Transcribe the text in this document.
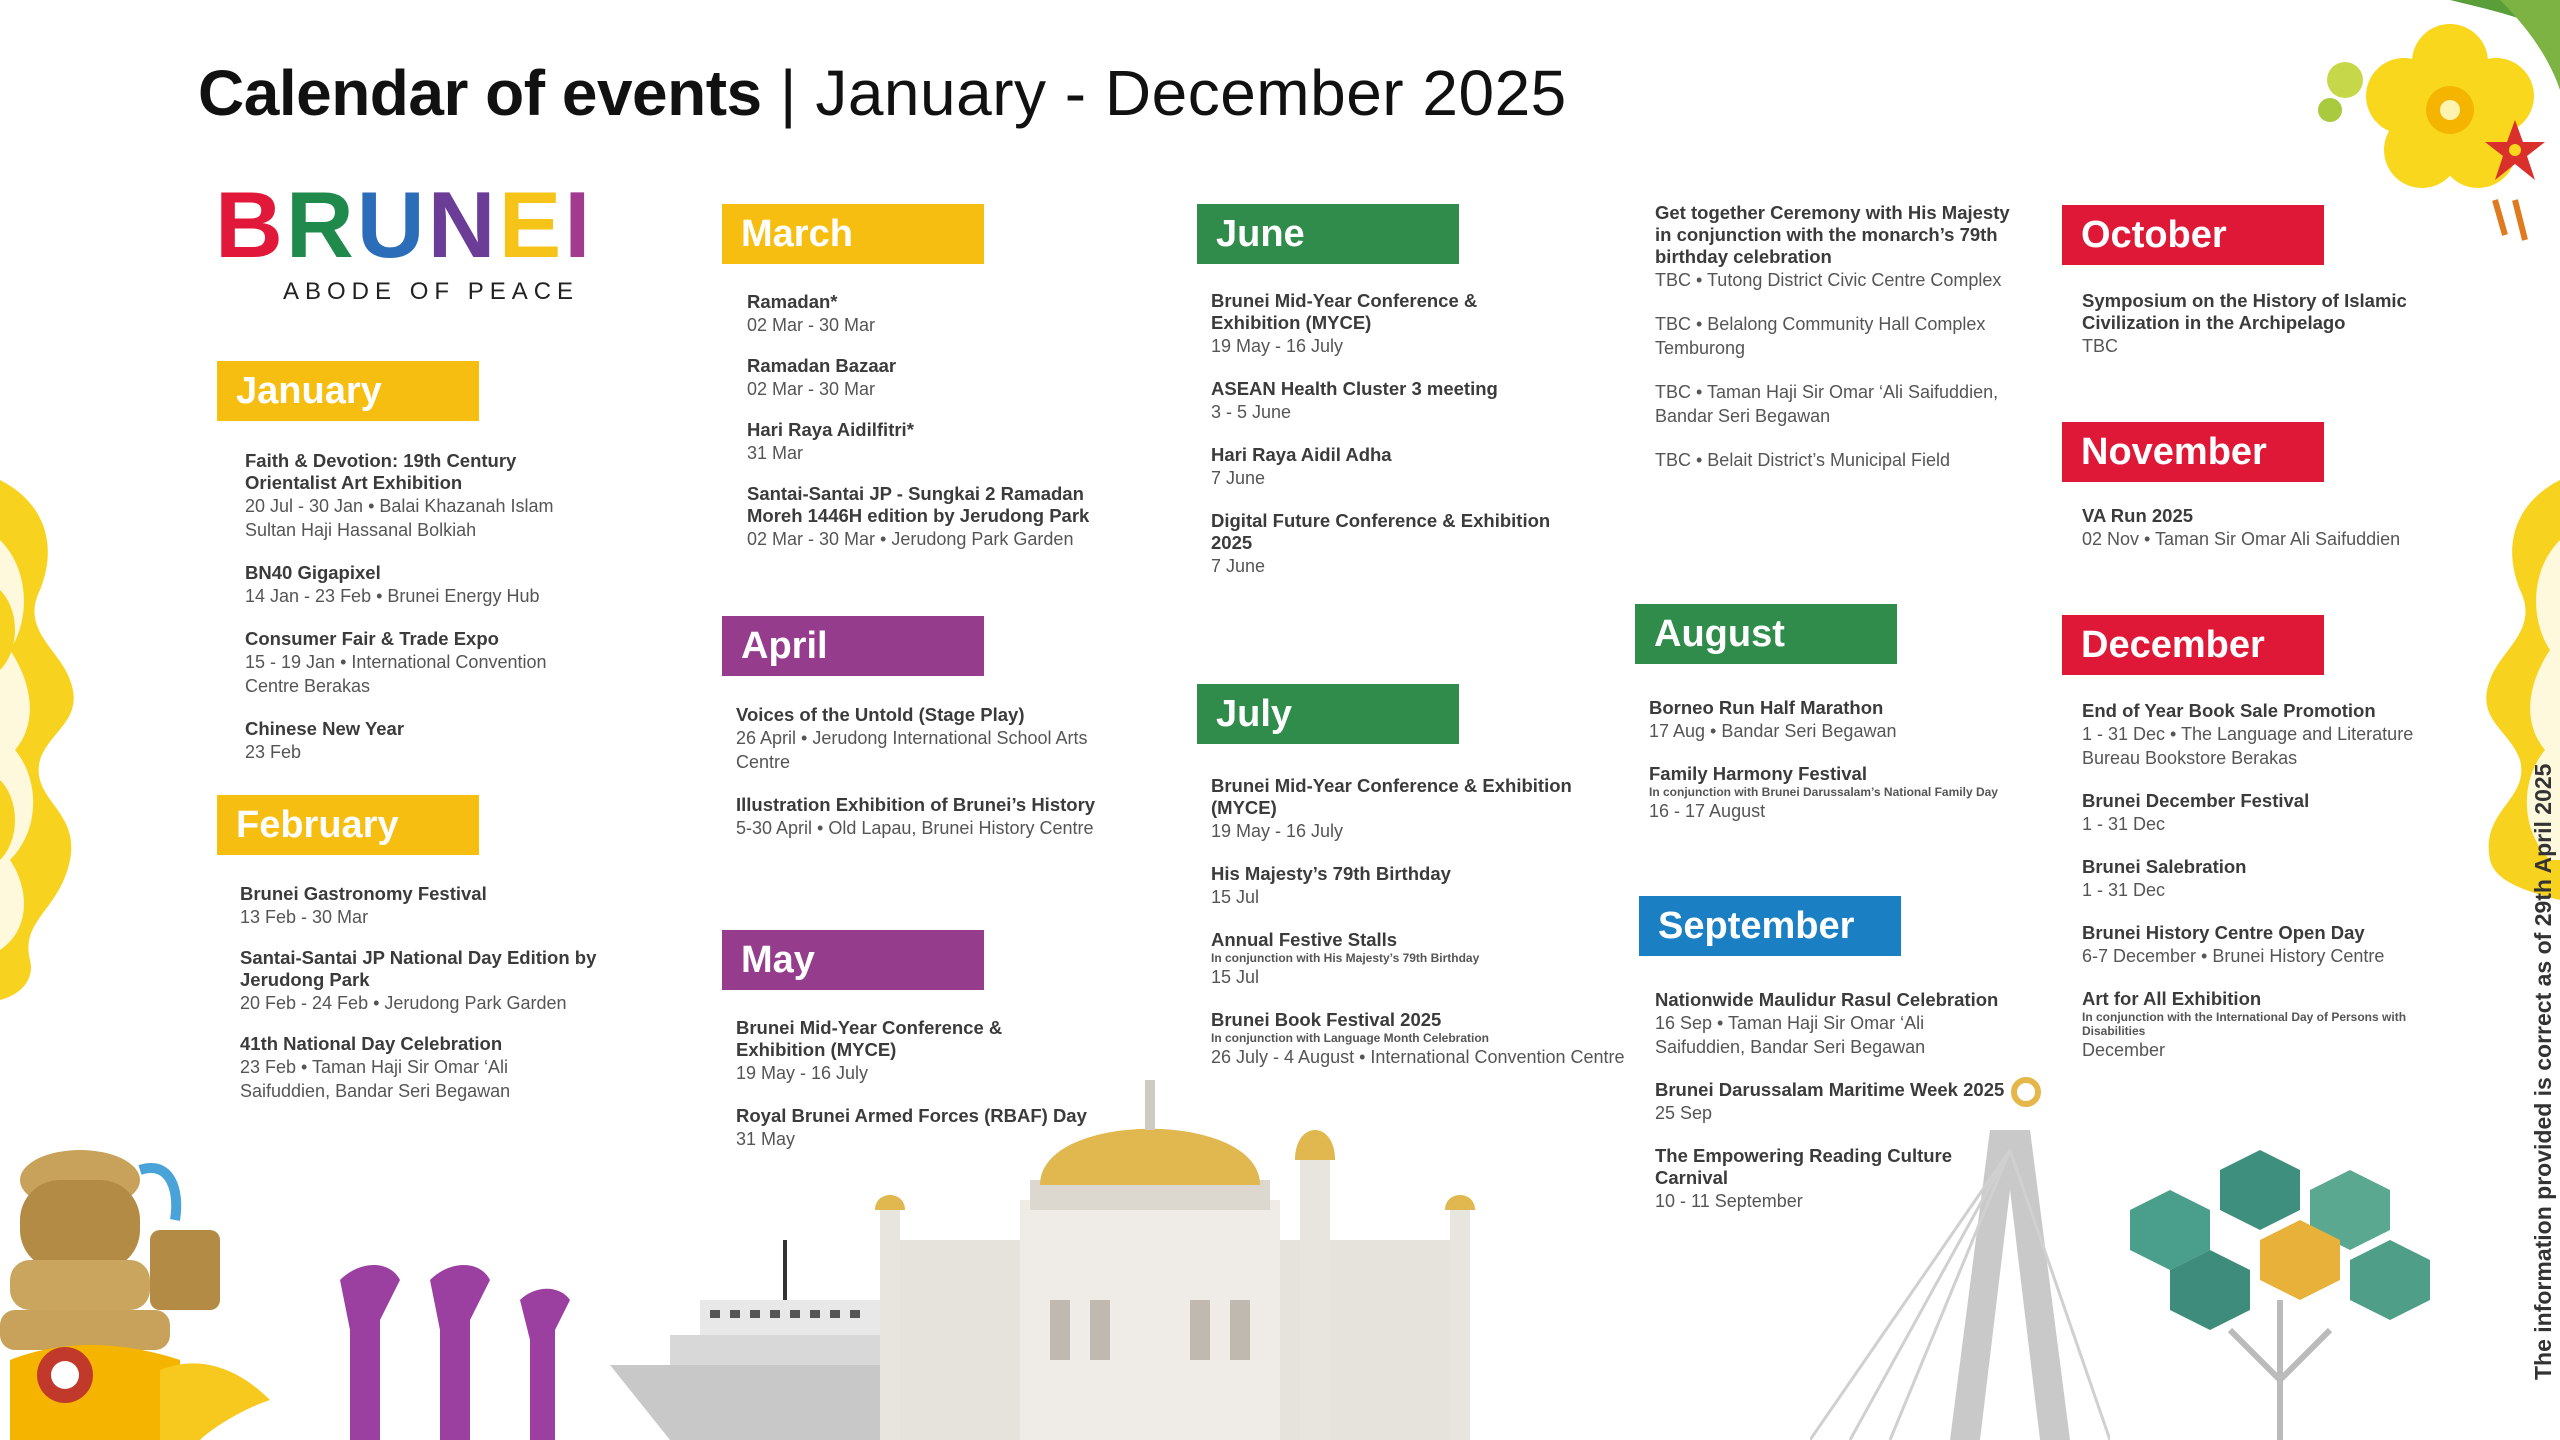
Calendar of events | January - December 2025
BRUNEI
ABODE OF PEACE
The information provided is correct as of 29th April 2025
January
Faith & Devotion: 19th Century Orientalist Art Exhibition
20 Jul - 30 Jan • Balai Khazanah Islam Sultan Haji Hassanal Bolkiah
BN40 Gigapixel
14 Jan - 23 Feb • Brunei Energy Hub
Consumer Fair & Trade Expo
15 - 19 Jan • International Convention Centre Berakas
Chinese New Year
23 Feb
February
Brunei Gastronomy Festival
13 Feb - 30 Mar
Santai-Santai JP National Day Edition by Jerudong Park
20 Feb - 24 Feb • Jerudong Park Garden
41th National Day Celebration
23 Feb • Taman Haji Sir Omar ‘Ali Saifuddien, Bandar Seri Begawan
March
Ramadan*
02 Mar - 30 Mar
Ramadan Bazaar
02 Mar - 30 Mar
Hari Raya Aidilfitri*
31 Mar
Santai-Santai JP - Sungkai 2 Ramadan Moreh 1446H edition by Jerudong Park
02 Mar - 30 Mar • Jerudong Park Garden
April
Voices of the Untold (Stage Play)
26 April • Jerudong International School Arts Centre
Illustration Exhibition of Brunei’s History
5-30 April • Old Lapau, Brunei History Centre
May
Brunei Mid-Year Conference & Exhibition (MYCE)
19 May - 16 July
Royal Brunei Armed Forces (RBAF) Day
31 May
June
Brunei Mid-Year Conference & Exhibition (MYCE)
19 May - 16 July
ASEAN Health Cluster 3 meeting
3 - 5 June
Hari Raya Aidil Adha
7 June
Digital Future Conference & Exhibition 2025
7 June
July
Brunei Mid-Year Conference & Exhibition (MYCE)
19 May - 16 July
His Majesty’s 79th Birthday
15 Jul
Annual Festive Stalls
In conjunction with His Majesty’s 79th Birthday
15 Jul
Brunei Book Festival 2025
In conjunction with Language Month Celebration
26 July - 4 August • International Convention Centre
Get together Ceremony with His Majesty in conjunction with the monarch’s 79th birthday celebration
TBC • Tutong District Civic Centre Complex
TBC • Belalong Community Hall Complex Temburong
TBC • Taman Haji Sir Omar ‘Ali Saifuddien, Bandar Seri Begawan
TBC • Belait District’s Municipal Field
August
Borneo Run Half Marathon
17 Aug • Bandar Seri Begawan
Family Harmony Festival
In conjunction with Brunei Darussalam’s National Family Day
16 - 17 August
September
Nationwide Maulidur Rasul Celebration
16 Sep • Taman Haji Sir Omar ‘Ali Saifuddien, Bandar Seri Begawan
Brunei Darussalam Maritime Week 2025
25 Sep
The Empowering Reading Culture Carnival
10 - 11 September
October
Symposium on the History of Islamic Civilization in the Archipelago
TBC
November
VA Run 2025
02 Nov • Taman Sir Omar Ali Saifuddien
December
End of Year Book Sale Promotion
1 - 31 Dec • The Language and Literature Bureau Bookstore Berakas
Brunei December Festival
1 - 31 Dec
Brunei Salebration
1 - 31 Dec
Brunei History Centre Open Day
6-7 December • Brunei History Centre
Art for All Exhibition
In conjunction with the International Day of Persons with Disabilities
December
